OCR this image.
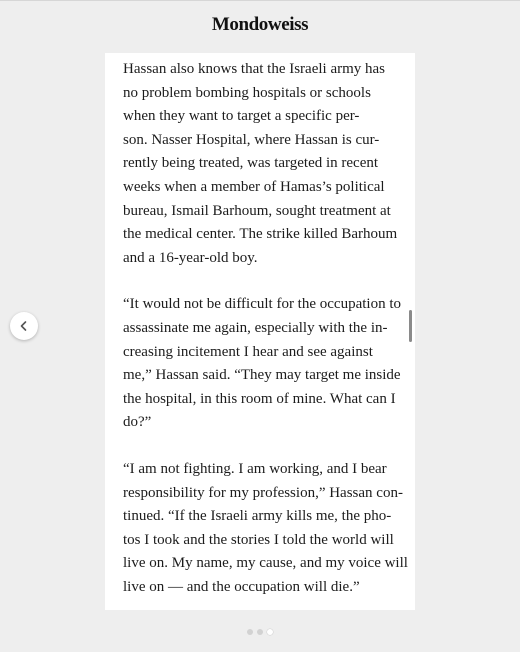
Mondoweiss
Hassan also knows that the Israeli army has
no problem bombing hospitals or schools
when they want to target a specific per-
son. Nasser Hospital, where Hassan is cur-
rently being treated, was targeted in recent
weeks when a member of Hamas’s political
bureau, Ismail Barhoum, sought treatment at
the medical center. The strike killed Barhoum
and a 16-year-old boy.
“It would not be difficult for the occupation to
assassinate me again, especially with the in-
creasing incitement I hear and see against
me,” Hassan said. “They may target me inside
the hospital, in this room of mine. What can I
do?”
“I am not fighting. I am working, and I bear
responsibility for my profession,” Hassan con-
tinued. “If the Israeli army kills me, the pho-
tos I took and the stories I told the world will
live on. My name, my cause, and my voice will
live on — and the occupation will die.”
